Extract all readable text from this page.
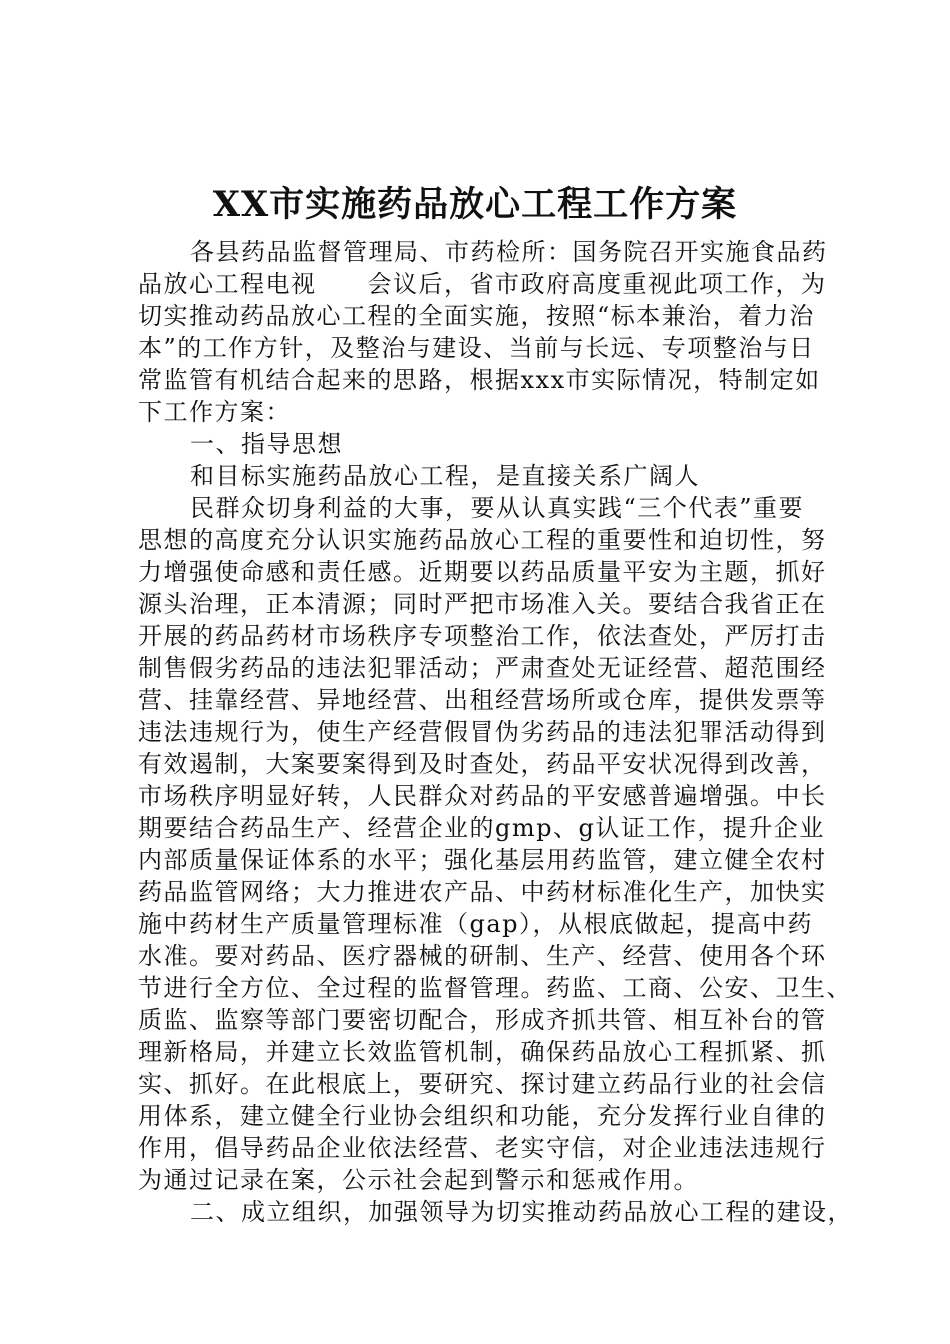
XX市实施药品放心工程工作方案
各县药品监督管理局、市药检所：国务院召开实施食品药
品放心工程电视　　会议后，省市政府高度重视此项工作，为
切实推动药品放心工程的全面实施，按照“标本兼治，着力治
本”的工作方针，及整治与建设、当前与长远、专项整治与日
常监管有机结合起来的思路，根据xxx市实际情况，特制定如
下工作方案：
一、指导思想
和目标实施药品放心工程，是直接关系广阔人
民群众切身利益的大事，要从认真实践“三个代表”重要
思想的高度充分认识实施药品放心工程的重要性和迫切性，努
力增强使命感和责任感。近期要以药品质量平安为主题，抓好
源头治理，正本清源；同时严把市场准入关。要结合我省正在
开展的药品药材市场秩序专项整治工作，依法查处，严厉打击
制售假劣药品的违法犯罪活动；严肃查处无证经营、超范围经
营、挂靠经营、异地经营、出租经营场所或仓库，提供发票等
违法违规行为，使生产经营假冒伪劣药品的违法犯罪活动得到
有效遏制，大案要案得到及时查处，药品平安状况得到改善，
市场秩序明显好转，人民群众对药品的平安感普遍增强。中长
期要结合药品生产、经营企业的gmp、g认证工作，提升企业
内部质量保证体系的水平；强化基层用药监管，建立健全农村
药品监管网络；大力推进农产品、中药材标准化生产，加快实
施中药材生产质量管理标准（gap），从根底做起，提高中药
水准。要对药品、医疗器械的研制、生产、经营、使用各个环
节进行全方位、全过程的监督管理。药监、工商、公安、卫生、
质监、监察等部门要密切配合，形成齐抓共管、相互补台的管
理新格局，并建立长效监管机制，确保药品放心工程抓紧、抓
实、抓好。在此根底上，要研究、探讨建立药品行业的社会信
用体系，建立健全行业协会组织和功能，充分发挥行业自律的
作用，倡导药品企业依法经营、老实守信，对企业违法违规行
为通过记录在案，公示社会起到警示和惩戒作用。
二、成立组织，加强领导为切实推动药品放心工程的建设，
